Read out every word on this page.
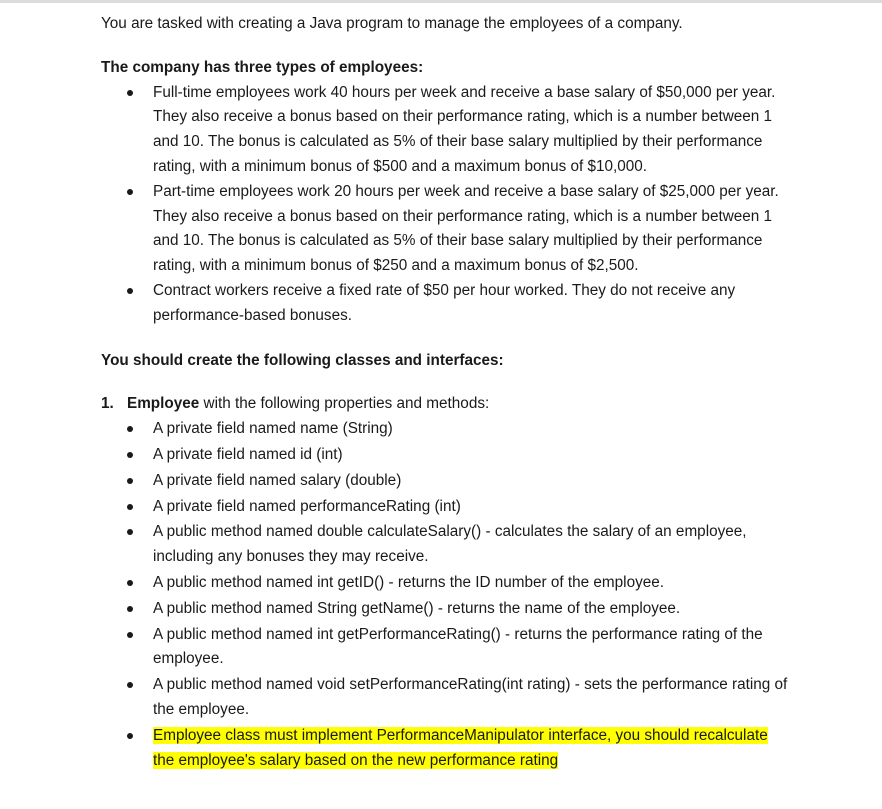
You are tasked with creating a Java program to manage the employees of a company.

The company has three types of employees:

Full-time employees work 40 hours per week and receive a base salary of $50,000 per year. They also receive a bonus based on their performance rating, which is a number between 1 and 10. The bonus is calculated as 5% of their base salary multiplied by their performance rating, with a minimum bonus of $500 and a maximum bonus of $10,000.
Part-time employees work 20 hours per week and receive a base salary of $25,000 per year. They also receive a bonus based on their performance rating, which is a number between 1 and 10. The bonus is calculated as 5% of their base salary multiplied by their performance rating, with a minimum bonus of $250 and a maximum bonus of $2,500.
Contract workers receive a fixed rate of $50 per hour worked. They do not receive any performance-based bonuses.

You should create the following classes and interfaces:

1. Employee with the following properties and methods:
A private field named name (String)
A private field named id (int)
A private field named salary (double)
A private field named performanceRating (int)
A public method named double calculateSalary() - calculates the salary of an employee, including any bonuses they may receive.
A public method named int getID() - returns the ID number of the employee.
A public method named String getName() - returns the name of the employee.
A public method named int getPerformanceRating() - returns the performance rating of the employee.
A public method named void setPerformanceRating(int rating) - sets the performance rating of the employee.
Employee class must implement PerformanceManipulator interface, you should recalculate the employee's salary based on the new performance rating
